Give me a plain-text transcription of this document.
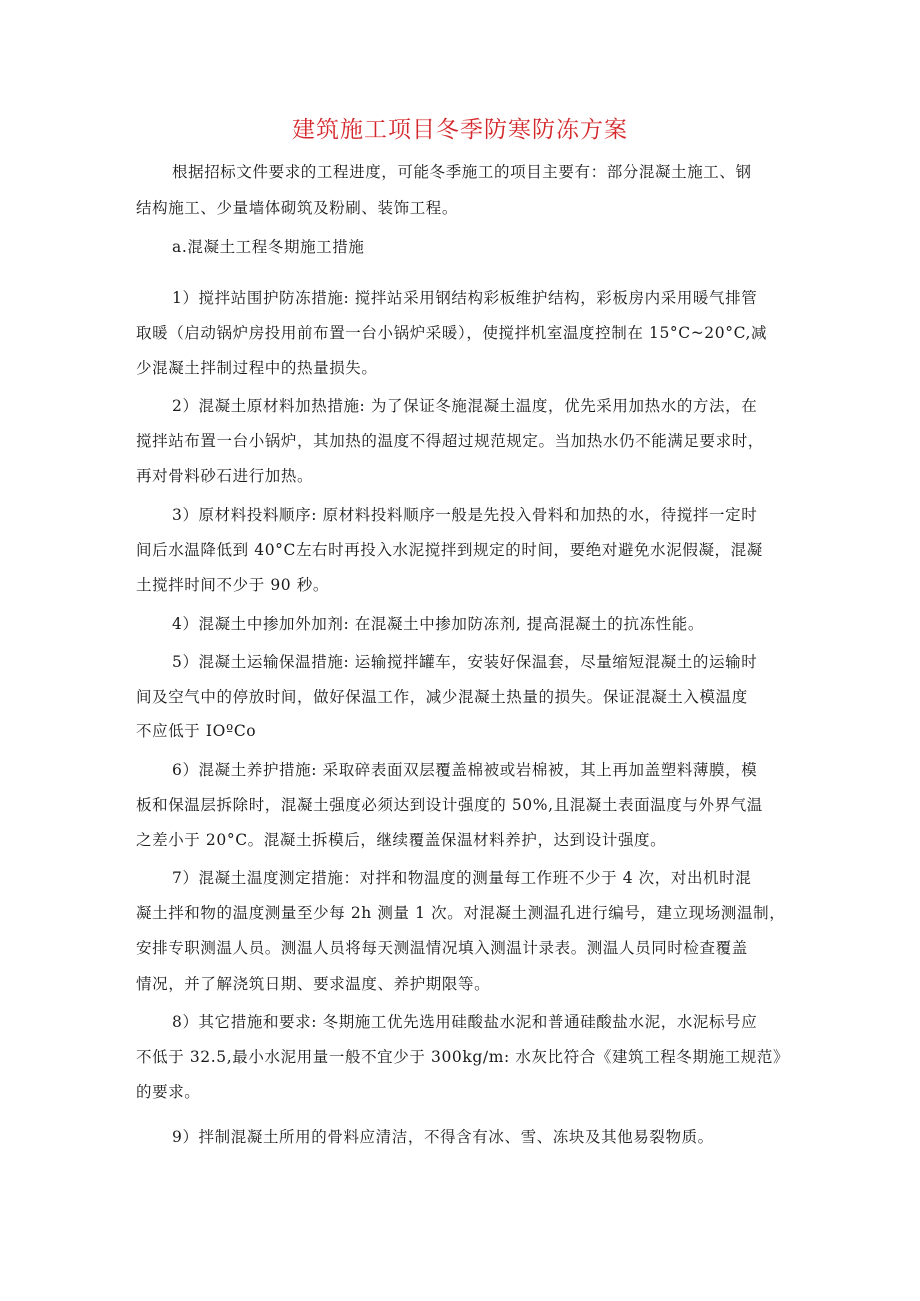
建筑施工项目冬季防寒防冻方案
根据招标文件要求的工程进度，可能冬季施工的项目主要有：部分混凝土施工、钢
结构施工、少量墙体砌筑及粉刷、装饰工程。
a.混凝土工程冬期施工措施
1）搅拌站围护防冻措施: 搅拌站采用钢结构彩板维护结构，彩板房内采用暖气排管
取暖（启动锅炉房投用前布置一台小锅炉采暖），使搅拌机室温度控制在 15°C~20°C,减
少混凝土拌制过程中的热量损失。
2）混凝土原材料加热措施: 为了保证冬施混凝土温度，优先采用加热水的方法，在
搅拌站布置一台小锅炉，其加热的温度不得超过规范规定。当加热水仍不能满足要求时，
再对骨料砂石进行加热。
3）原材料投料顺序: 原材料投料顺序一般是先投入骨料和加热的水，待搅拌一定时
间后水温降低到 40°C左右时再投入水泥搅拌到规定的时间，要绝对避免水泥假凝，混凝
土搅拌时间不少于 90 秒。
4）混凝土中掺加外加剂: 在混凝土中掺加防冻剂, 提高混凝土的抗冻性能。
5）混凝土运输保温措施: 运输搅拌罐车，安装好保温套，尽量缩短混凝土的运输时
间及空气中的停放时间，做好保温工作，减少混凝土热量的损失。保证混凝土入模温度
不应低于 IOºCo
6）混凝土养护措施: 采取碎表面双层覆盖棉被或岩棉被，其上再加盖塑料薄膜，模
板和保温层拆除时，混凝土强度必须达到设计强度的 50%,且混凝土表面温度与外界气温
之差小于 20°C。混凝土拆模后，继续覆盖保温材料养护，达到设计强度。
7）混凝土温度测定措施：对拌和物温度的测量每工作班不少于 4 次，对出机时混
凝土拌和物的温度测量至少每 2h 测量 1 次。对混凝土测温孔进行编号，建立现场测温制，
安排专职测温人员。测温人员将每天测温情况填入测温计录表。测温人员同时检查覆盖
情况，并了解浇筑日期、要求温度、养护期限等。
8）其它措施和要求: 冬期施工优先选用硅酸盐水泥和普通硅酸盐水泥，水泥标号应
不低于 32.5,最小水泥用量一般不宜少于 300kg∕m: 水灰比符合《建筑工程冬期施工规范》
的要求。
9）拌制混凝土所用的骨料应清洁，不得含有冰、雪、冻块及其他易裂物质。
